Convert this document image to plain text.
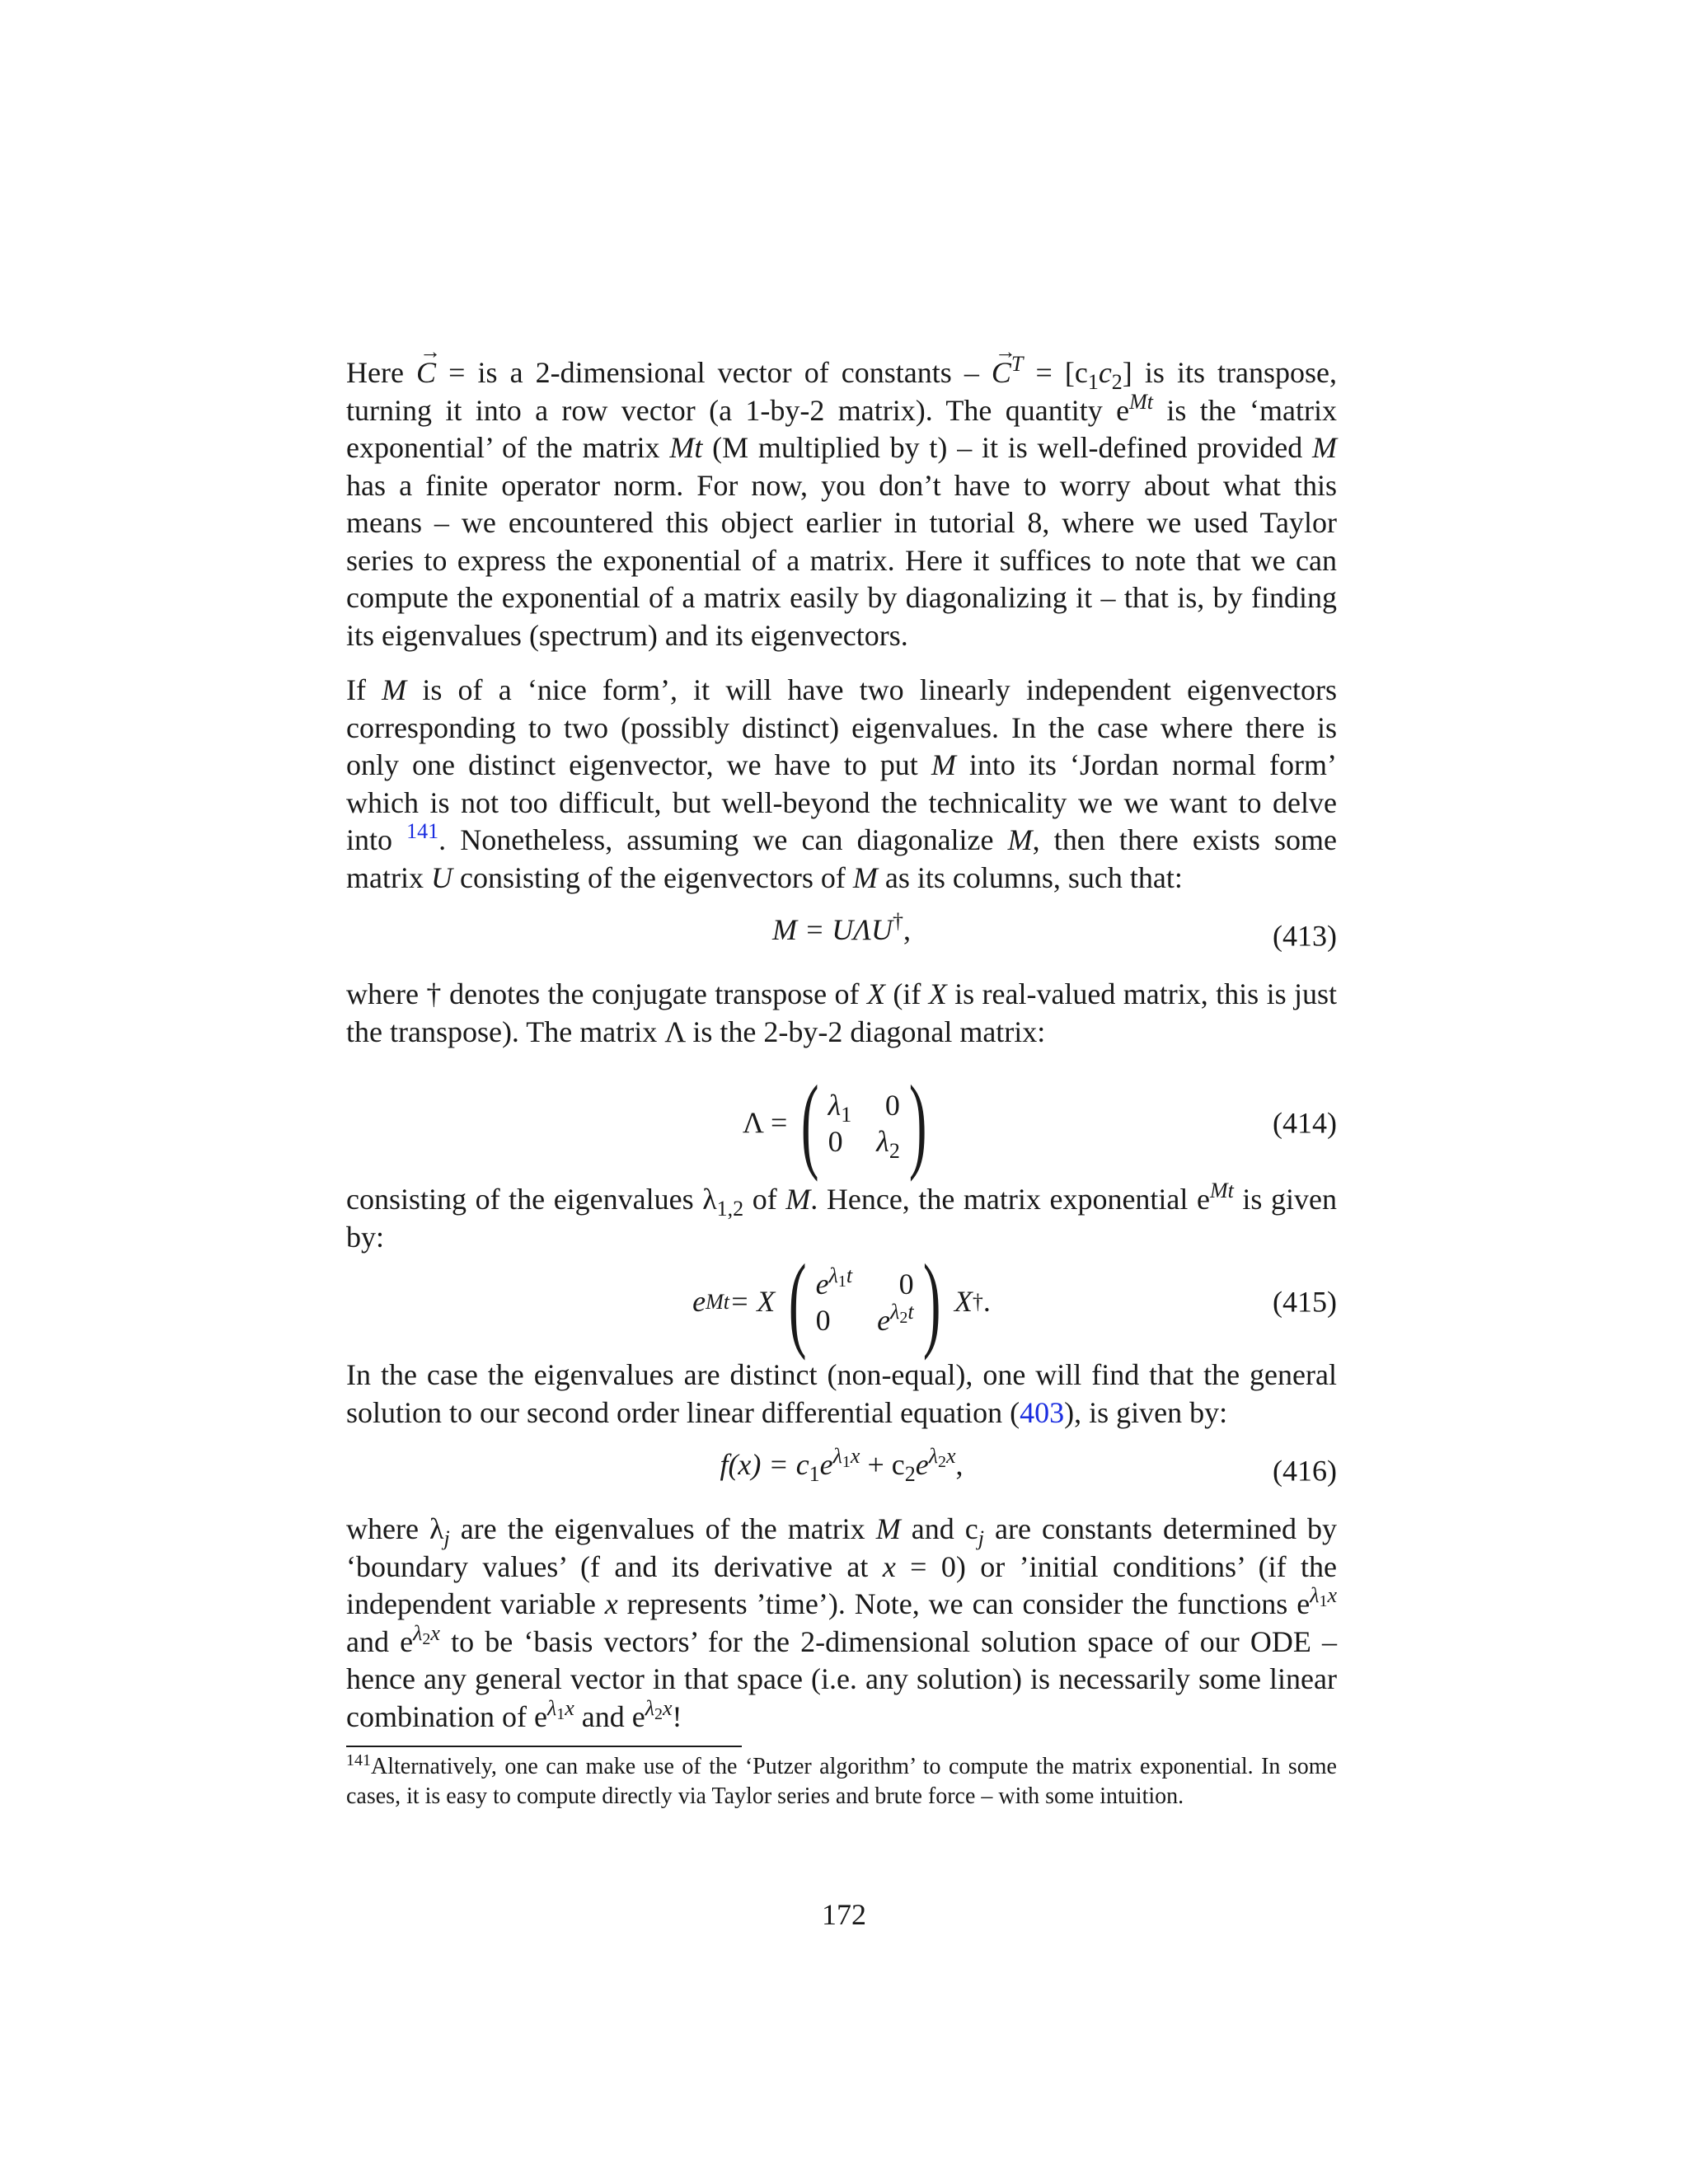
Here → C = is a 2-dimensional vector of constants – → $C^T = [c_1c_2]$ is its transpose, turning it into a row vector (a 1-by-2 matrix). The quantity $e^{Mt}$ is the ‘matrix exponential’ of the matrix Mt (M multiplied by t) – it is well-defined provided M has a finite operator norm. For now, you don’t have to worry about what this means – we encountered this object earlier in tutorial 8, where we used Taylor series to express the exponential of a matrix. Here it suffices to note that we can compute the exponential of a matrix easily by diagonalizing it – that is, by finding its eigenvalues (spectrum) and its eigenvectors.

If M is of a ‘nice form’, it will have two linearly independent eigenvectors corresponding to two (possibly distinct) eigenvalues. In the case where there is only one distinct eigenvector, we have to put M into its ‘Jordan normal form’ which is not too difficult, but well-beyond the technicality we we want to delve into $^{141}$. Nonetheless, assuming we can diagonalize M, then there exists some matrix U consisting of the eigenvectors of M as its columns, such that:

M = UΛU†,	(413)

where † denotes the conjugate transpose of X (if X is real-valued matrix, this is just the transpose). The matrix Λ is the 2-by-2 diagonal matrix:

Λ = ( $\lambda_1$ 0
0 $\lambda_2$ )	(414)

consisting of the eigenvalues $\lambda_{1,2}$ of M. Hence, the matrix exponential $e^{Mt}$ is given by:

e Mt = X ( $e^{\lambda_1t}$	0
0	$e^{\lambda_2t}$ ) X † .	(415)

In the case the eigenvalues are distinct (non-equal), one will find that the general solution to our second order linear differential equation (403), is given by:

$f(x) = c_1e^{\lambda_1x} + c_2e^{\lambda_2x}$,	(416)

where $\lambda_j$ are the eigenvalues of the matrix M and $c_j$ are constants determined by ‘boundary values’ (f and its derivative at x = 0) or ’initial conditions’ (if the independent variable x represents ’time’). Note, we can consider the functions $e^{\lambda_1x}$ and $e^{\lambda_2x}$ to be ‘basis vectors’ for the 2-dimensional solution space of our ODE – hence any general vector in that space (i.e. any solution) is necessarily some linear combination of $e^{\lambda_1x}$ and $e^{\lambda_2x}$!

$^{141}$Alternatively, one can make use of the ‘Putzer algorithm’ to compute the matrix exponential. In some cases, it is easy to compute directly via Taylor series and brute force – with some intuition.
172
